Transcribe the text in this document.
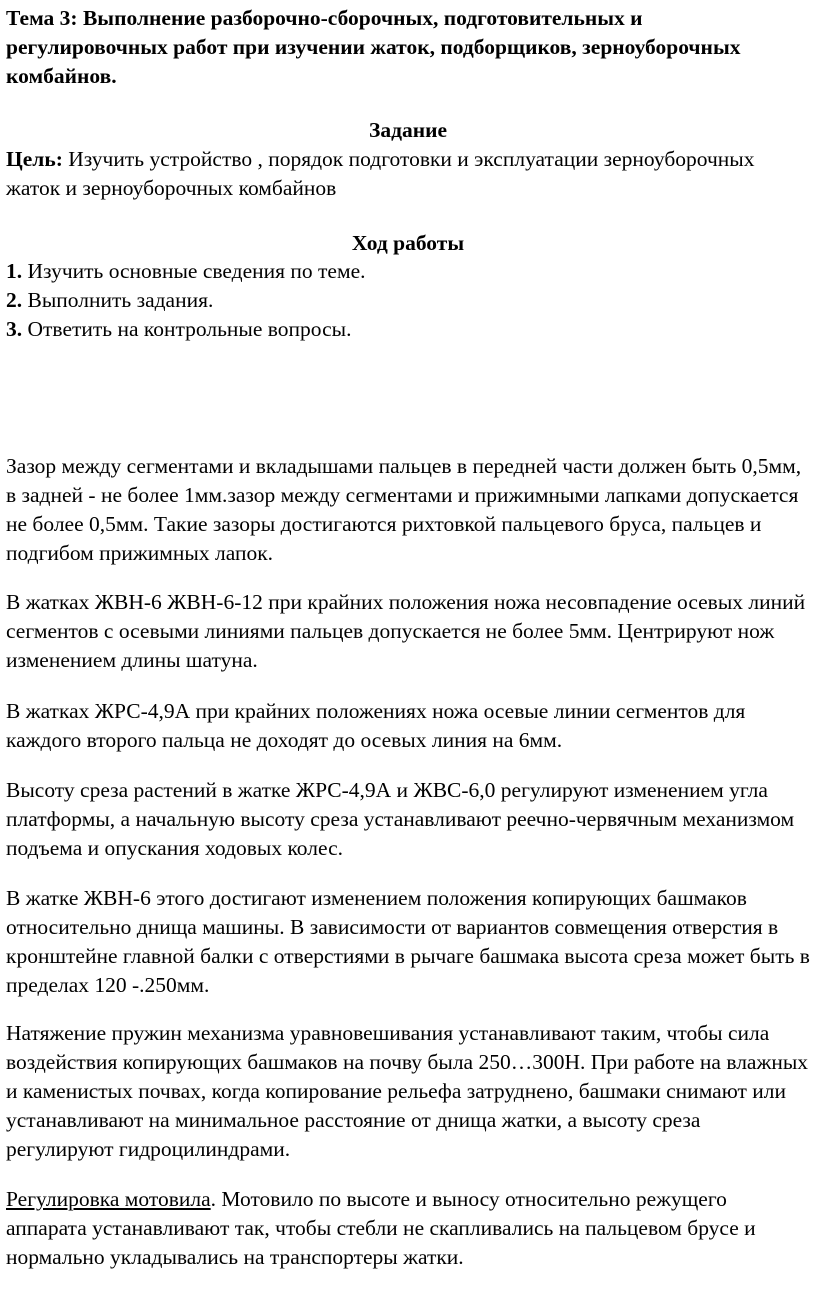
Тема 3: Выполнение разборочно-сборочных, подготовительных и регулировочных работ при изучении жаток, подборщиков, зерноуборочных комбайнов.
Задание

Цель: Изучить устройство , порядок подготовки и эксплуатации зерноуборочных жаток и зерноуборочных комбайнов

Ход работы
1. Изучить основные сведения по теме.
2. Выполнить задания.
3. Ответить на контрольные вопросы.

Зазор между сегментами и вкладышами пальцев в передней части должен быть 0,5мм, в задней - не более 1мм.зазор между сегментами и прижимными лапками допускается не более 0,5мм. Такие зазоры достигаются рихтовкой пальцевого бруса, пальцев и подгибом прижимных лапок.

В жатках ЖВН-6 ЖВН-6-12 при крайних положения ножа несовпадение осевых линий сегментов с осевыми линиями пальцев допускается не более 5мм. Центрируют нож изменением длины шатуна.

В жатках ЖРС-4,9А при крайних положениях ножа осевые линии сегментов для каждого второго пальца не доходят до осевых линия на 6мм.

Высоту среза растений в жатке ЖРС-4,9А и ЖВС-6,0 регулируют изменением угла платформы, а начальную высоту среза устанавливают реечно-червячным механизмом подъема и опускания ходовых колес.

В жатке ЖВН-6 этого достигают изменением положения копирующих башмаков относительно днища машины. В зависимости от вариантов совмещения отверстия в кронштейне главной балки с отверстиями в рычаге башмака высота среза может быть в пределах 120 -.250мм.

Натяжение пружин механизма уравновешивания устанавливают таким, чтобы сила воздействия копирующих башмаков на почву была 250…300Н. При работе на влажных и каменистых почвах, когда копирование рельефа затруднено, башмаки снимают или устанавливают на минимальное расстояние от днища жатки, а высоту среза регулируют гидроцилиндрами.

Регулировка мотовила. Мотовило по высоте и выносу относительно режущего аппарата устанавливают так, чтобы стебли не скапливались на пальцевом брусе и нормально укладывались на транспортеры жатки.
